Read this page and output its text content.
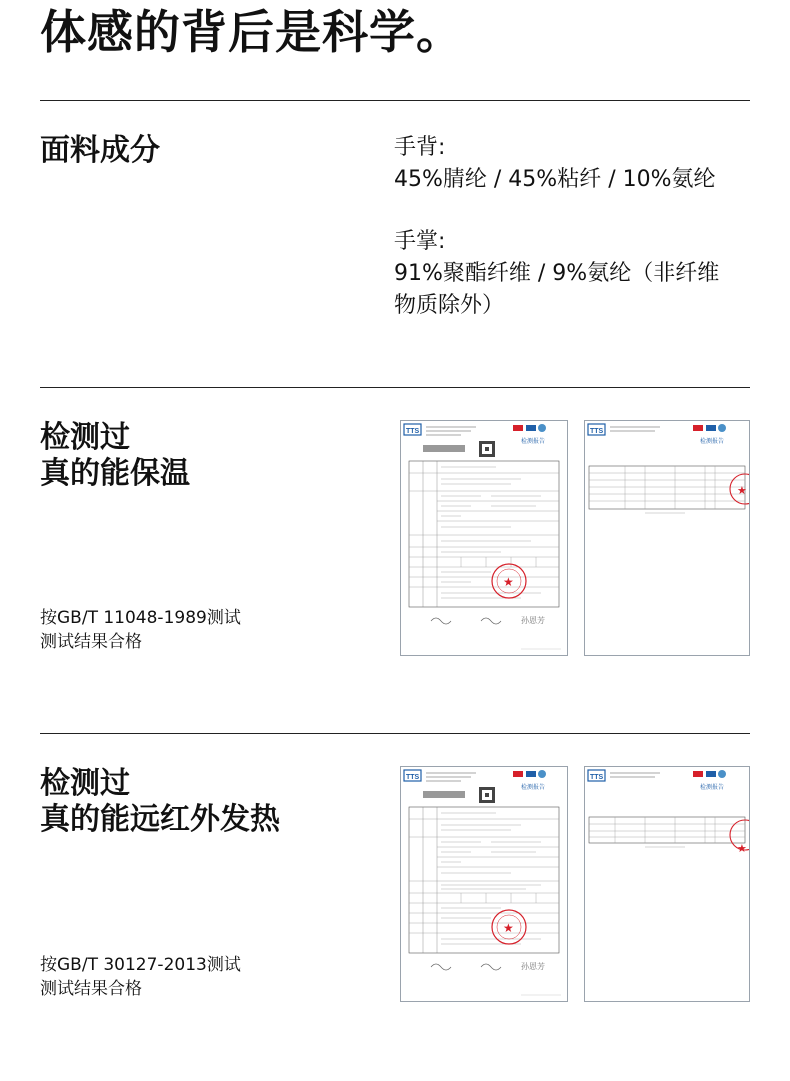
体感的背后是科学。
面料成分	手背:
45%腈纶 / 45%粘纤 / 10%氨纶
手掌:
91%聚酯纤维 / 9%氨纶（非纤维
物质除外）
检测过
真的能保温
按GB/T 11048-1989测试
测试结果合格
TTS
检测报告
★
孙恩芳
TTS
检测报告
★
检测过
真的能远红外发热
按GB/T 30127-2013测试
测试结果合格
TTS
检测报告
★
孙恩芳
TTS
检测报告
★
